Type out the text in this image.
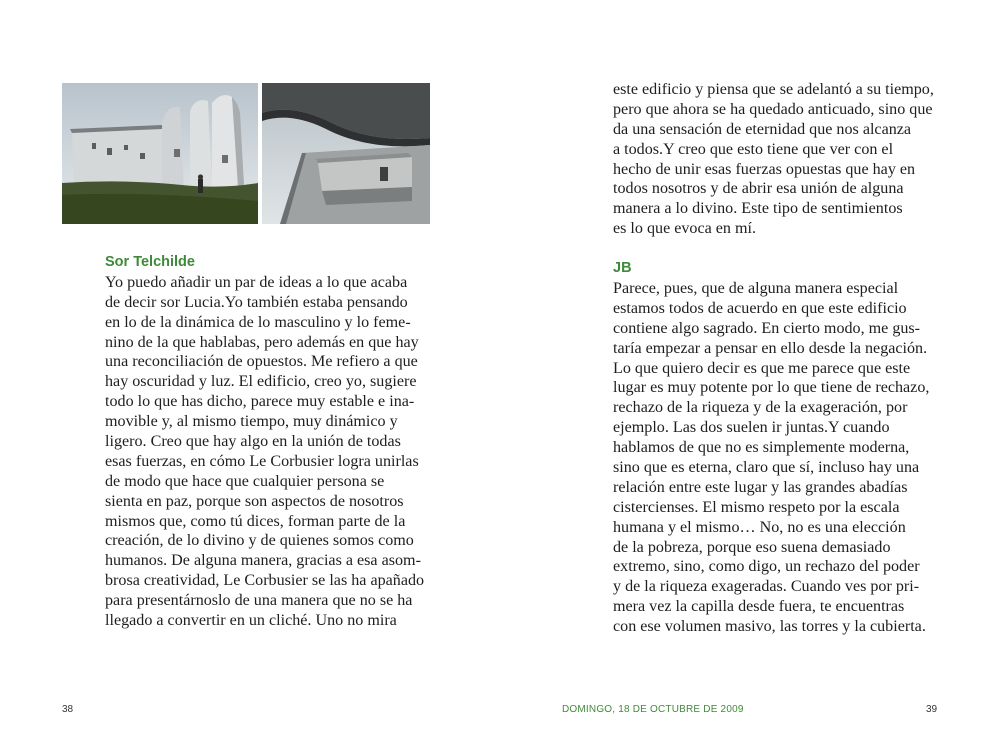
Sor Telchilde
Yo puedo añadir un par de ideas a lo que acaba
de decir sor Lucia.Yo también estaba pensando
en lo de la dinámica de lo masculino y lo feme-
nino de la que hablabas, pero además en que hay
una reconciliación de opuestos. Me refiero a que
hay oscuridad y luz. El edificio, creo yo, sugiere
todo lo que has dicho, parece muy estable e ina-
movible y, al mismo tiempo, muy dinámico y
ligero. Creo que hay algo en la unión de todas
esas fuerzas, en cómo Le Corbusier logra unirlas
de modo que hace que cualquier persona se
sienta en paz, porque son aspectos de nosotros
mismos que, como tú dices, forman parte de la
creación, de lo divino y de quienes somos como
humanos. De alguna manera, gracias a esa asom-
brosa creatividad, Le Corbusier se las ha apañado
para presentárnoslo de una manera que no se ha
llegado a convertir en un cliché. Uno no mira
este edificio y piensa que se adelantó a su tiempo,
pero que ahora se ha quedado anticuado, sino que
da una sensación de eternidad que nos alcanza
a todos.Y creo que esto tiene que ver con el
hecho de unir esas fuerzas opuestas que hay en
todos nosotros y de abrir esa unión de alguna
manera a lo divino. Este tipo de sentimientos
es lo que evoca en mí.
JB
Parece, pues, que de alguna manera especial
estamos todos de acuerdo en que este edificio
contiene algo sagrado. En cierto modo, me gus-
taría empezar a pensar en ello desde la negación.
Lo que quiero decir es que me parece que este
lugar es muy potente por lo que tiene de rechazo,
rechazo de la riqueza y de la exageración, por
ejemplo. Las dos suelen ir juntas.Y cuando
hablamos de que no es simplemente moderna,
sino que es eterna, claro que sí, incluso hay una
relación entre este lugar y las grandes abadías
cistercienses. El mismo respeto por la escala
humana y el mismo… No, no es una elección
de la pobreza, porque eso suena demasiado
extremo, sino, como digo, un rechazo del poder
y de la riqueza exageradas. Cuando ves por pri-
mera vez la capilla desde fuera, te encuentras
con ese volumen masivo, las torres y la cubierta.
38	DOMINGO, 18 DE OCTUBRE DE 2009	39
